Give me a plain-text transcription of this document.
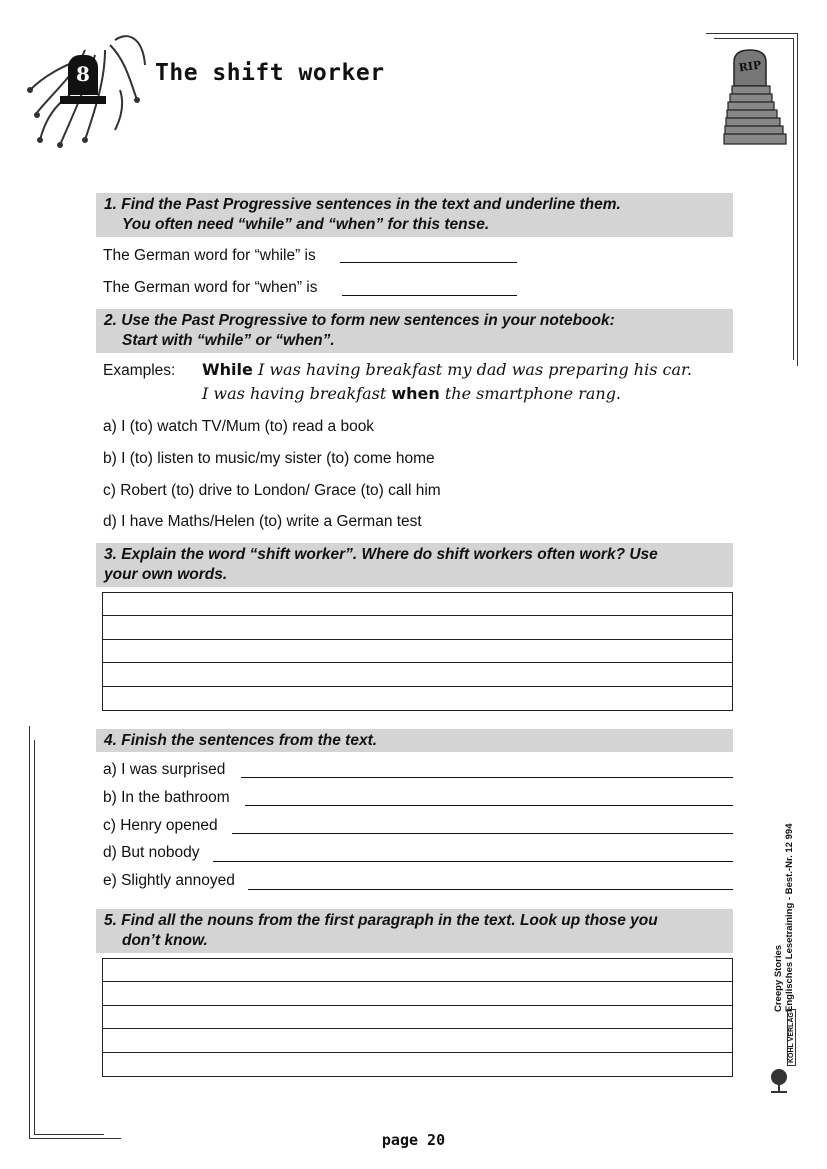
8	The shift worker	RIP
1. Find the Past Progressive sentences in the text and underline them.
You often need “while” and “when” for this tense.
The German word for “while” is
The German word for “when” is
2. Use the Past Progressive to form new sentences in your notebook:
Start with “while” or “when”.
Examples: While I was having breakfast my dad was preparing his car.
I was having breakfast when the smartphone rang.
a) I (to) watch TV/Mum (to) read a book
b) I (to) listen to music/my sister (to) come home
c) Robert (to) drive to London/ Grace (to) call him
d) I have Maths/Helen (to) write a German test
3. Explain the word “shift worker”. Where do shift workers often work? Use
your own words.
4. Finish the sentences from the text.
a) I was surprised
b) In the bathroom
c) Henry opened
d) But nobody
e) Slightly annoyed
5. Find all the nouns from the first paragraph in the text. Look up those you
don’t know.
Creepy Stories Englisches Lesetraining - Best.-Nr. 12 994
KOHL VERLAG
page 20
